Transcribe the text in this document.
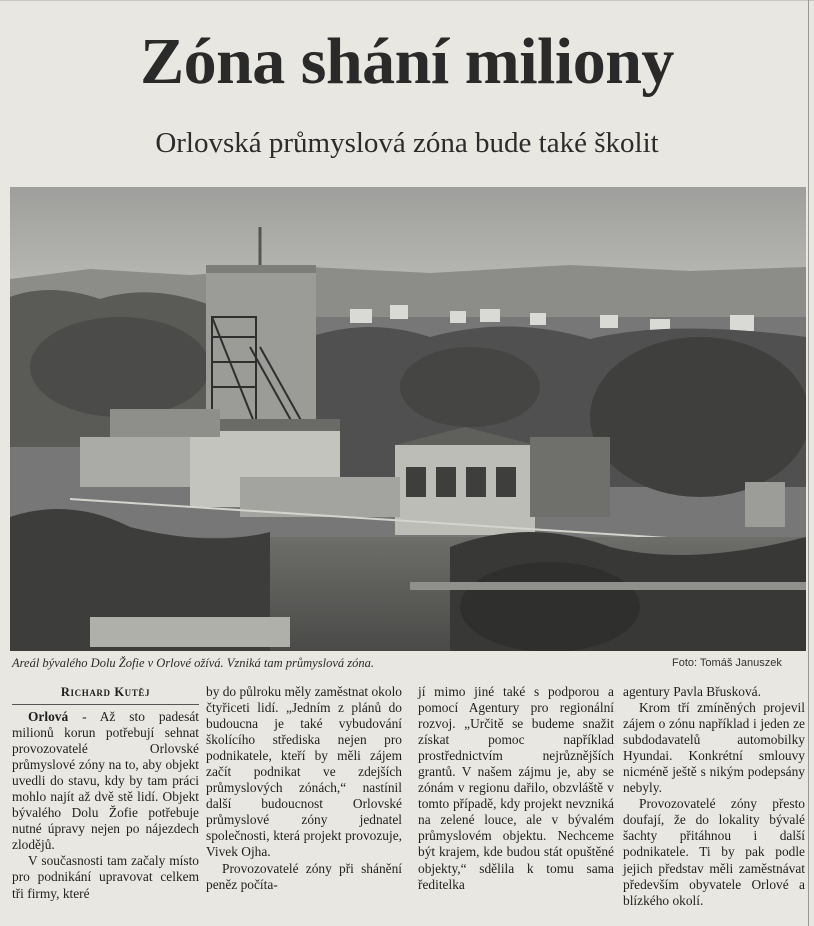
Zóna shání miliony
Orlovská průmyslová zóna bude také školit
Areál bývalého Dolu Žofie v Orlové ožívá. Vzniká tam průmyslová zóna.	Foto: Tomáš Januszek
Richard Kutěj

Orlová - Až sto padesát milionů korun potřebují sehnat provozovatelé Orlovské průmyslové zóny na to, aby objekt uvedli do stavu, kdy by tam práci mohlo najít až dvě stě lidí. Objekt bývalého Dolu Žofie potřebuje nutné úpravy nejen po nájezdech zlodějů.

V současnosti tam začaly místo pro podnikání upravovat celkem tři firmy, které

by do půlroku měly zaměstnat okolo čtyřiceti lidí. „Jedním z plánů do budoucna je také vybudování školícího střediska nejen pro podnikatele, kteří by měli zájem začít podnikat ve zdejších průmyslových zónách,“ nastínil další budoucnost Orlovské průmyslové zóny jednatel společnosti, která projekt provozuje, Vivek Ojha.

Provozovatelé zóny při shánění peněz počíta-

jí mimo jiné také s podporou a pomocí Agentury pro regionální rozvoj. „Určitě se budeme snažit získat pomoc například prostřednictvím nejrůznějších grantů. V našem zájmu je, aby se zónám v regionu dařilo, obzvláště v tomto případě, kdy projekt nevzniká na zelené louce, ale v bývalém průmyslovém objektu. Nechceme být krajem, kde budou stát opuštěné objekty,“ sdělila k tomu sama ředitelka

agentury Pavla Břusková.

Krom tří zmíněných projevil zájem o zónu například i jeden ze subdodavatelů automobilky Hyundai. Konkrétní smlouvy nicméně ještě s nikým podepsány nebyly.

Provozovatelé zóny přesto doufají, že do lokality bývalé šachty přitáhnou i další podnikatele. Ti by pak podle jejich představ měli zaměstnávat především obyvatele Orlové a blízkého okolí.
